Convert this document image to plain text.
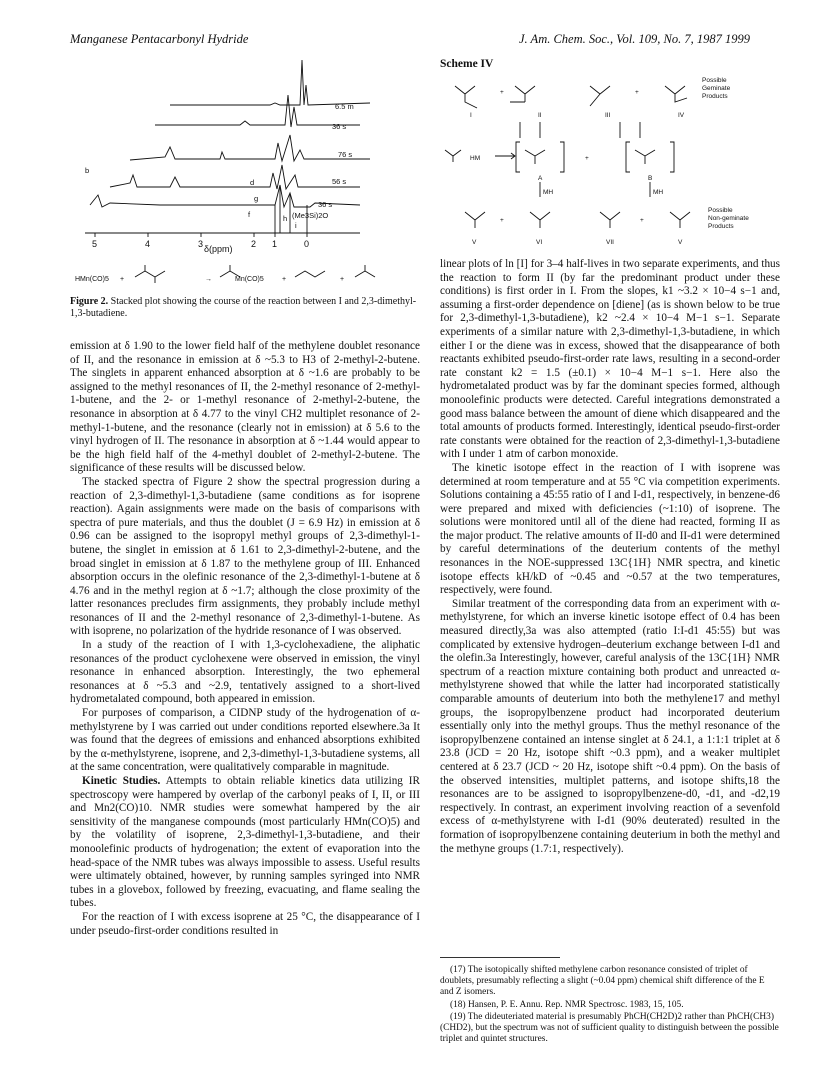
Manganese Pentacarbonyl Hydride	J. Am. Chem. Soc., Vol. 109, No. 7, 1987 1999
6.5 m
36 s
76 s
56 s
36 s
(Me3Si)2O
b
d
f
g
h
i
5	4	3	2 1	0
δ(ppm)
HMn(CO)5 +	→	Mn(CO)5	+	+
Figure 2. Stacked plot showing the course of the reaction between I and 2,3-dimethyl-1,3-butadiene.
Scheme IV
Possible
Geminate
Products
I	II	III	IV
HM
A
MH
B
MH
+
+	+
+	+
Possible
Non-geminate
Products
V	VI	VII	V

emission at δ 1.90 to the lower field half of the methylene doublet resonance of II, and the resonance in emission at δ ~5.3 to H3 of 2-methyl-2-butene. The singlets in apparent enhanced absorption at δ ~1.6 are probably to be assigned to the methyl resonances of II, the 2-methyl resonance of 2-methyl-1-butene, and the 2- or 1-methyl resonance of 2-methyl-2-butene, the resonance in absorption at δ 4.77 to the vinyl CH2 multiplet resonance of 2-methyl-1-butene, and the resonance (clearly not in emission) at δ 5.6 to the vinyl hydrogen of II. The resonance in absorption at δ ~1.44 would appear to be the high field half of the 4-methyl doublet of 2-methyl-2-butene. The significance of these results will be discussed below.

The stacked spectra of Figure 2 show the spectral progression during a reaction of 2,3-dimethyl-1,3-butadiene (same conditions as for isoprene reaction). Again assignments were made on the basis of comparisons with spectra of pure materials, and thus the doublet (J = 6.9 Hz) in emission at δ 0.96 can be assigned to the isopropyl methyl groups of 2,3-dimethyl-1-butene, the singlet in emission at δ 1.61 to 2,3-dimethyl-2-butene, and the broad singlet in emission at δ 1.87 to the methylene group of III. Enhanced absorption occurs in the olefinic resonance of the 2,3-dimethyl-1-butene at δ 4.76 and in the methyl region at δ ~1.7; although the close proximity of the latter resonances precludes firm assignments, they probably include methyl resonances of II and the 2-methyl resonance of 2,3-dimethyl-1-butene. As with isoprene, no polarization of the hydride resonance of I was observed.

In a study of the reaction of I with 1,3-cyclohexadiene, the aliphatic resonances of the product cyclohexene were observed in emission, the vinyl resonance in enhanced absorption. Interestingly, the two ephemeral resonances at δ ~5.3 and ~2.9, tentatively assigned to a short-lived hydrometalated compound, both appeared in emission.

For purposes of comparison, a CIDNP study of the hydrogenation of α-methylstyrene by I was carried out under conditions reported elsewhere.3a It was found that the degrees of emissions and enhanced absorptions exhibited by the α-methylstyrene, isoprene, and 2,3-dimethyl-1,3-butadiene systems, all at the same concentration, were qualitatively comparable in magnitude.

Kinetic Studies. Attempts to obtain reliable kinetics data utilizing IR spectroscopy were hampered by overlap of the carbonyl peaks of I, II, or III and Mn2(CO)10. NMR studies were somewhat hampered by the air sensitivity of the manganese compounds (most particularly HMn(CO)5) and by the volatility of isoprene, 2,3-dimethyl-1,3-butadiene, and their monoolefinic products of hydrogenation; the extent of evaporation into the head-space of the NMR tubes was always impossible to assess. Useful results were ultimately obtained, however, by running samples syringed into NMR tubes in a glovebox, followed by freezing, evacuating, and flame sealing the tubes.

For the reaction of I with excess isoprene at 25 °C, the disappearance of I under pseudo-first-order conditions resulted in

linear plots of ln [I] for 3–4 half-lives in two separate experiments, and thus the reaction to form II (by far the predominant product under these conditions) is first order in I. From the slopes, k1 ~3.2 × 10−4 s−1 and, assuming a first-order dependence on [diene] (as is shown below to be true for 2,3-dimethyl-1,3-butadiene), k2 ~2.4 × 10−4 M−1 s−1. Separate experiments of a similar nature with 2,3-dimethyl-1,3-butadiene, in which either I or the diene was in excess, showed that the disappearance of both reactants exhibited pseudo-first-order rate laws, resulting in a second-order rate constant k2 = 1.5 (±0.1) × 10−4 M−1 s−1. Here also the hydrometalated product was by far the dominant species formed, although monoolefinic products were detected. Careful integrations demonstrated a good mass balance between the amount of diene which disappeared and the total amounts of products formed. Interestingly, identical pseudo-first-order rate constants were obtained for the reaction of 2,3-dimethyl-1,3-butadiene with I under 1 atm of carbon monoxide.

The kinetic isotope effect in the reaction of I with isoprene was determined at room temperature and at 55 °C via competition experiments. Solutions containing a 45:55 ratio of I and I-d1, respectively, in benzene-d6 were prepared and mixed with deficiencies (~1:10) of isoprene. The solutions were monitored until all of the diene had reacted, forming II as the major product. The relative amounts of II-d0 and II-d1 were determined by careful determinations of the deuterium contents of the methyl resonances in the NOE-suppressed 13C{1H} NMR spectra, and kinetic isotope effects kH/kD of ~0.45 and ~0.57 at the two temperatures, respectively, were found.

Similar treatment of the corresponding data from an experiment with α-methylstyrene, for which an inverse kinetic isotope effect of 0.4 has been measured directly,3a was also attempted (ratio I:I-d1 45:55) but was complicated by extensive hydrogen–deuterium exchange between I-d1 and the olefin.3a Interestingly, however, careful analysis of the 13C{1H} NMR spectrum of a reaction mixture containing both product and unreacted α-methylstyrene showed that while the latter had incorporated statistically comparable amounts of deuterium into both the methylene17 and methyl groups, the isopropylbenzene product had incorporated deuterium essentially only into the methyl groups. Thus the methyl resonance of the isopropylbenzene contained an intense singlet at δ 24.1, a 1:1:1 triplet at δ 23.8 (JCD = 20 Hz, isotope shift ~0.3 ppm), and a weaker multiplet centered at δ 23.7 (JCD ~ 20 Hz, isotope shift ~0.4 ppm). On the basis of the observed intensities, multiplet patterns, and isotope shifts,18 the resonances are to be assigned to isopropylbenzene-d0, -d1, and -d2,19 respectively. In contrast, an experiment involving reaction of a sevenfold excess of α-methylstyrene with I-d1 (90% deuterated) resulted in the formation of isopropylbenzene containing deuterium in both the methyl and the methyne groups (1.7:1, respectively).

(17) The isotopically shifted methylene carbon resonance consisted of triplet of doublets, presumably reflecting a slight (~0.04 ppm) chemical shift difference of the E and Z isomers.

(18) Hansen, P. E. Annu. Rep. NMR Spectrosc. 1983, 15, 105.

(19) The dideuteriated material is presumably PhCH(CH2D)2 rather than PhCH(CH3)(CHD2), but the spectrum was not of sufficient quality to distinguish between the possible triplet and quintet structures.
